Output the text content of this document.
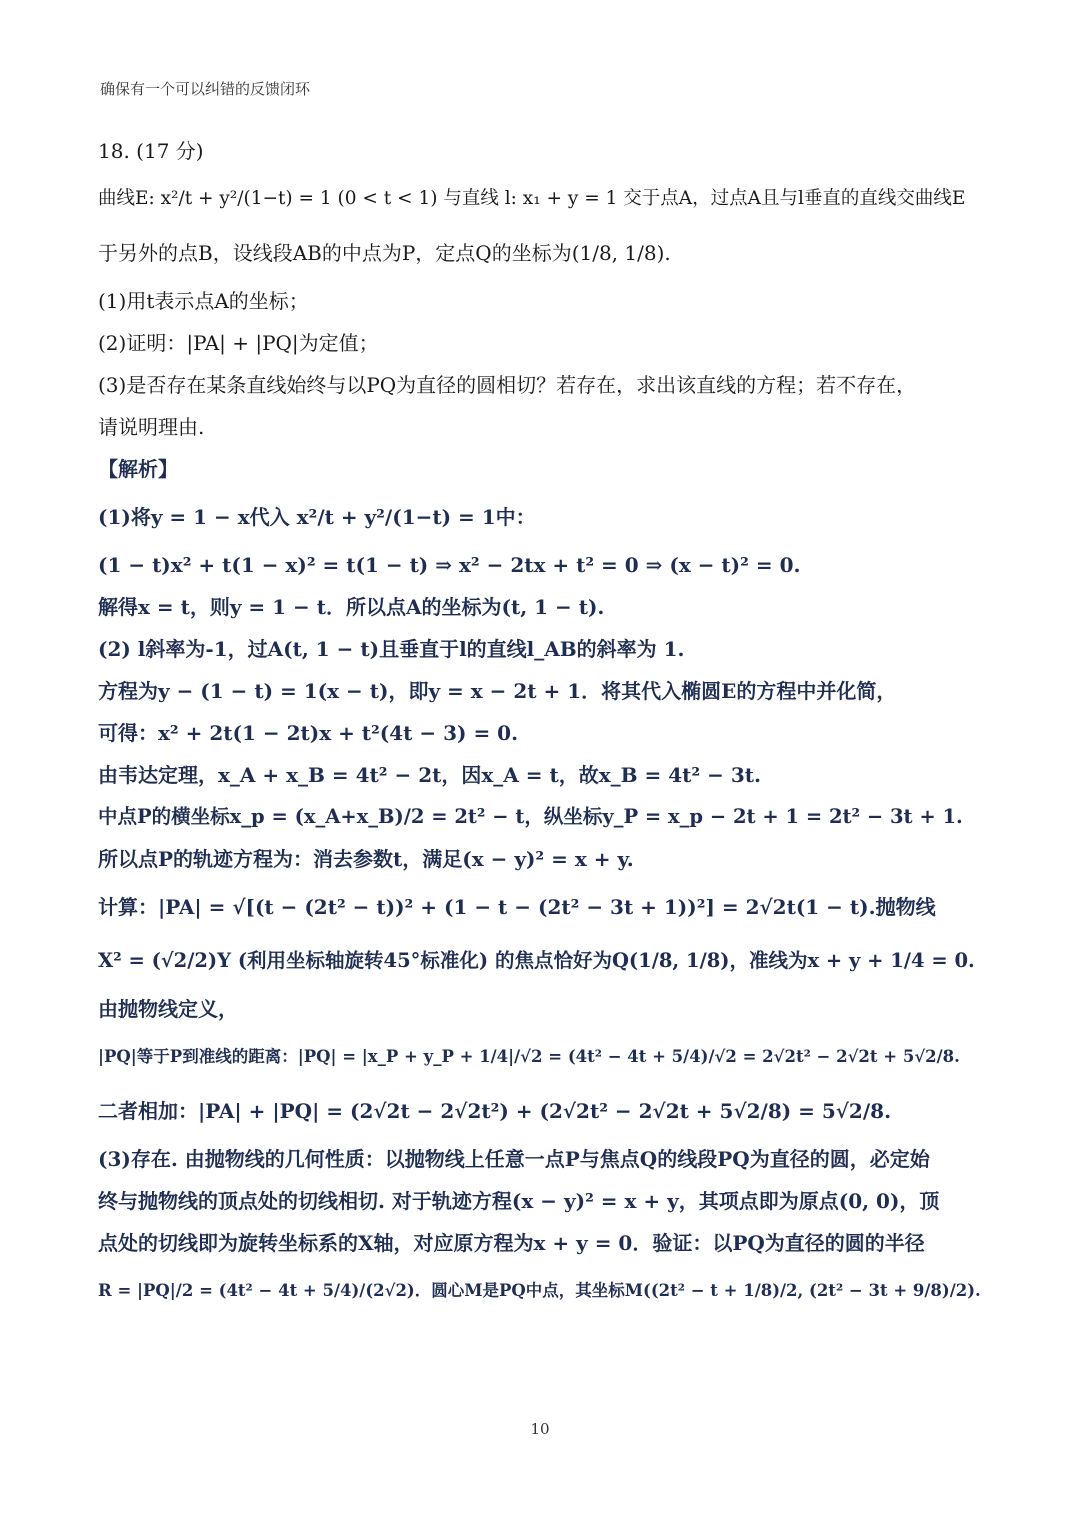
确保有一个可以纠错的反馈闭环

18. (17 分)

曲线E: x²/t + y²/(1−t) = 1 (0 < t < 1) 与直线 l: x₁ + y = 1 交于点A，过点A且与l垂直的直线交曲线E

于另外的点B，设线段AB的中点为P，定点Q的坐标为(1/8, 1/8).

(1)用t表示点A的坐标；

(2)证明：|PA| + |PQ|为定值；

(3)是否存在某条直线始终与以PQ为直径的圆相切？若存在，求出该直线的方程；若不存在，

请说明理由.

【解析】

(1)将y = 1 − x代入 x²/t + y²/(1−t) = 1中：

(1 − t)x² + t(1 − x)² = t(1 − t) ⇒ x² − 2tx + t² = 0 ⇒ (x − t)² = 0.

解得x = t，则y = 1 − t．所以点A的坐标为(t, 1 − t).

(2) l斜率为-1，过A(t, 1 − t)且垂直于l的直线l_AB的斜率为 1.

方程为y − (1 − t) = 1(x − t)，即y = x − 2t + 1．将其代入椭圆E的方程中并化简，

可得：x² + 2t(1 − 2t)x + t²(4t − 3) = 0.

由韦达定理，x_A + x_B = 4t² − 2t，因x_A = t，故x_B = 4t² − 3t.

中点P的横坐标x_p = (x_A+x_B)/2 = 2t² − t，纵坐标y_P = x_p − 2t + 1 = 2t² − 3t + 1.

所以点P的轨迹方程为：消去参数t，满足(x − y)² = x + y.

计算：|PA| = √[(t − (2t² − t))² + (1 − t − (2t² − 3t + 1))²] = 2√2t(1 − t).抛物线

X² = (√2/2)Y (利用坐标轴旋转45°标准化) 的焦点恰好为Q(1/8, 1/8)，准线为x + y + 1/4 = 0.

由抛物线定义，

|PQ|等于P到准线的距离：|PQ| = |x_P + y_P + 1/4|/√2 = (4t² − 4t + 5/4)/√2 = 2√2t² − 2√2t + 5√2/8.

二者相加：|PA| + |PQ| = (2√2t − 2√2t²) + (2√2t² − 2√2t + 5√2/8) = 5√2/8.

(3)存在. 由抛物线的几何性质：以抛物线上任意一点P与焦点Q的线段PQ为直径的圆，必定始

终与抛物线的顶点处的切线相切. 对于轨迹方程(x − y)² = x + y，其项点即为原点(0, 0)，顶

点处的切线即为旋转坐标系的X轴，对应原方程为x + y = 0．验证：以PQ为直径的圆的半径

R = |PQ|/2 = (4t² − 4t + 5/4)/(2√2)．圆心M是PQ中点，其坐标M((2t² − t + 1/8)/2, (2t² − 3t + 9/8)/2).

10
